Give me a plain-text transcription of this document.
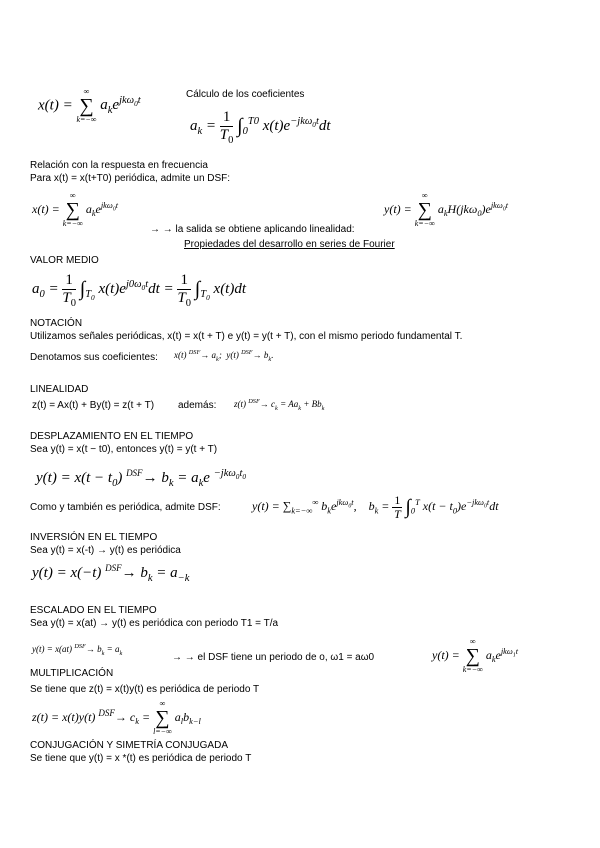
x(t) =
∞
∑
k=−∞
$a_ke^{jk\omega_0t}$
Cálculo de los coeficientes
$a_k = \frac{1}{T_0} \int_0^{T0}$ $x(t)e^{-jk\omega_0t}dt$
Relación con la respuesta en frecuencia
Para x(t) = x(t+T0) periódica, admite un DSF:
x(t) =
∞
∑
k=−∞
$a_ke^{jk\omega_0t}$
→ → la salida se obtiene aplicando linealidad:
y(t) =
∞
∑
k=−∞
$a_kH(jk\omega_0)e^{jk\omega_0t}$
Propiedades del desarrollo en series de Fourier
VALOR MEDIO
$a_0 = \frac{1}{T_0} \int_{T_0}$ $x(t)e^{j0\omega_0t}dt = \frac{1}{T_0} \int_{T_0}$ x(t)dt
NOTACIÓN
Utilizamos señales periódicas, x(t) = x(t + T) e y(t) = y(t + T), con el mismo periodo fundamental T.
Denotamos sus coeficientes: x(t) $^{DSF}\to a_k$;  y(t) $^{DSF}\to b_k$.
LINEALIDAD
z(t) = Ax(t) + By(t) = z(t + T) además: z(t) $^{DSF}\to c_k = Aa_k + Bb_k$
DESPLAZAMIENTO EN EL TIEMPO
Sea y(t) = x(t − t0), entonces y(t) = y(t + T)
$y(t) = x(t - t_0)$ $^{DSF}\to b_k = a_ke$ $^{-jk\omega_0t_0}$
Como y también es periódica, admite DSF:	$y(t) = \sum_{k=-\infty}^\infty$ $b_ke^{jk\omega_0t}$,    $b_k = \frac{1}{T} \int_0^T$ $x(t - t_0)e^{-jk\omega_0t}dt$
INVERSIÓN EN EL TIEMPO
Sea y(t) = x(-t) → y(t) es periódica
y(t) = x(−t) $^{DSF}\to b_k = a_{-k}$
ESCALADO EN EL TIEMPO
Sea y(t) = x(at) → y(t) es periódica con periodo T1 = T/a
y(t) = x(at) $^{DSF}\to b_k = a_k$	→ → el DSF tiene un periodo de o, ω1 = aω0	y(t) =
∞
∑
k=−∞
$a_ke^{jk\omega_1t}$
MULTIPLICACIÓN
Se tiene que z(t) = x(t)y(t) es periódica de periodo T
z(t) = x(t)y(t) $^{DSF}\to c_k$ =
∞
∑
l=−∞
$a_lb_{k-l}$
CONJUGACIÓN Y SIMETRÍA CONJUGADA
Se tiene que y(t) = x *(t) es periódica de periodo T
